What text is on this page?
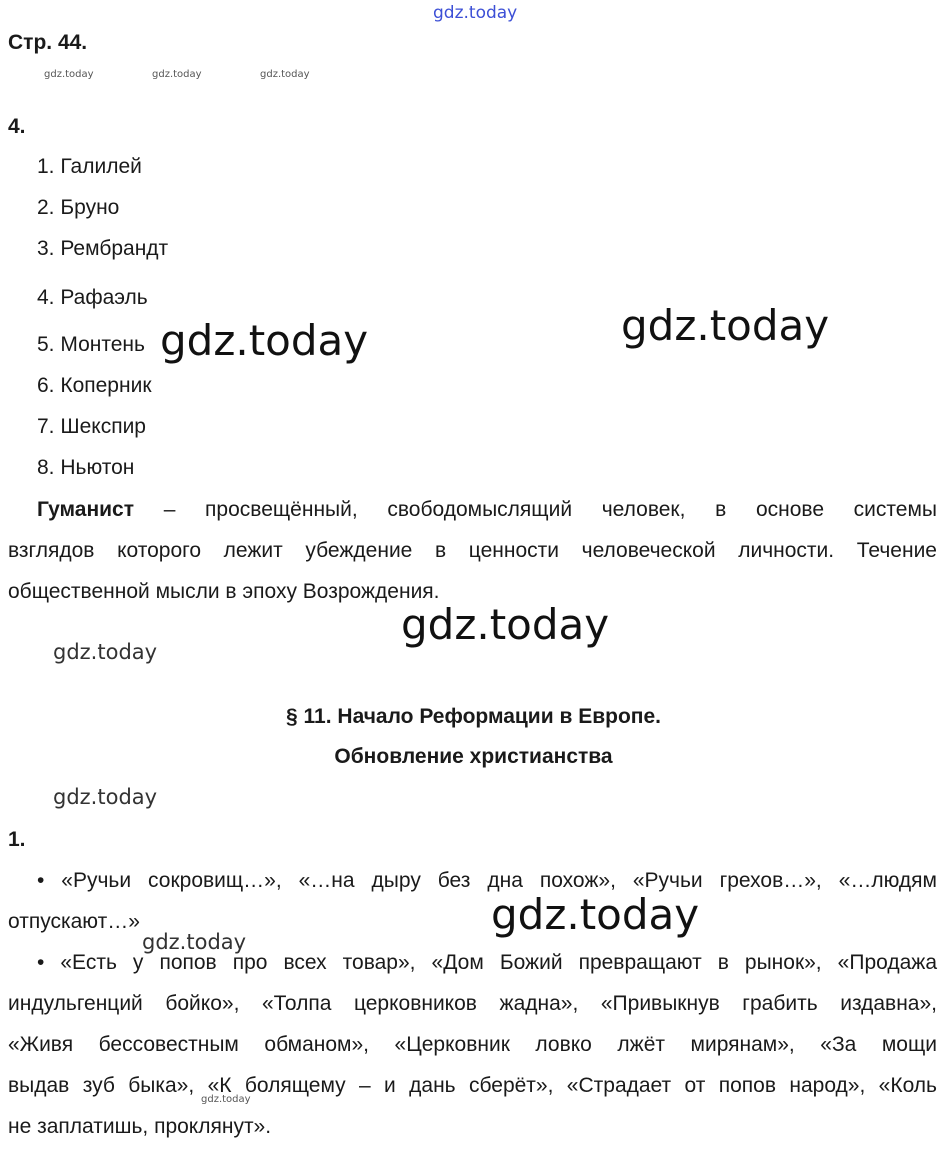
gdz.today
Стр. 44.
gdz.today	gdz.today	gdz.today
4.
1. Галилей
2. Бруно
3. Рембрандт
4. Рафаэль
5. Монтень
6. Коперник
7. Шекспир
8. Ньютон
gdz.today	gdz.today
Гуманист – просвещённый, свободомыслящий человек, в основе системы
взглядов которого лежит убеждение в ценности человеческой личности. Течение
общественной мысли в эпоху Возрождения.
gdz.today
gdz.today
§ 11. Начало Реформации в Европе.
Обновление христианства
gdz.today
1.
• «Ручьи сокровищ…», «…на дыру без дна похож», «Ручьи грехов…», «…людям
отпускают…»
• «Есть у попов про всех товар», «Дом Божий превращают в рынок», «Продажа
индульгенций бойко», «Толпа церковников жадна», «Привыкнув грабить издавна»,
«Живя бессовестным обманом», «Церковник ловко лжёт мирянам», «За мощи
выдав зуб быка», «К болящему – и дань сберёт», «Страдает от попов народ», «Коль
не заплатишь, проклянут».
gdz.today
gdz.today
gdz.today
